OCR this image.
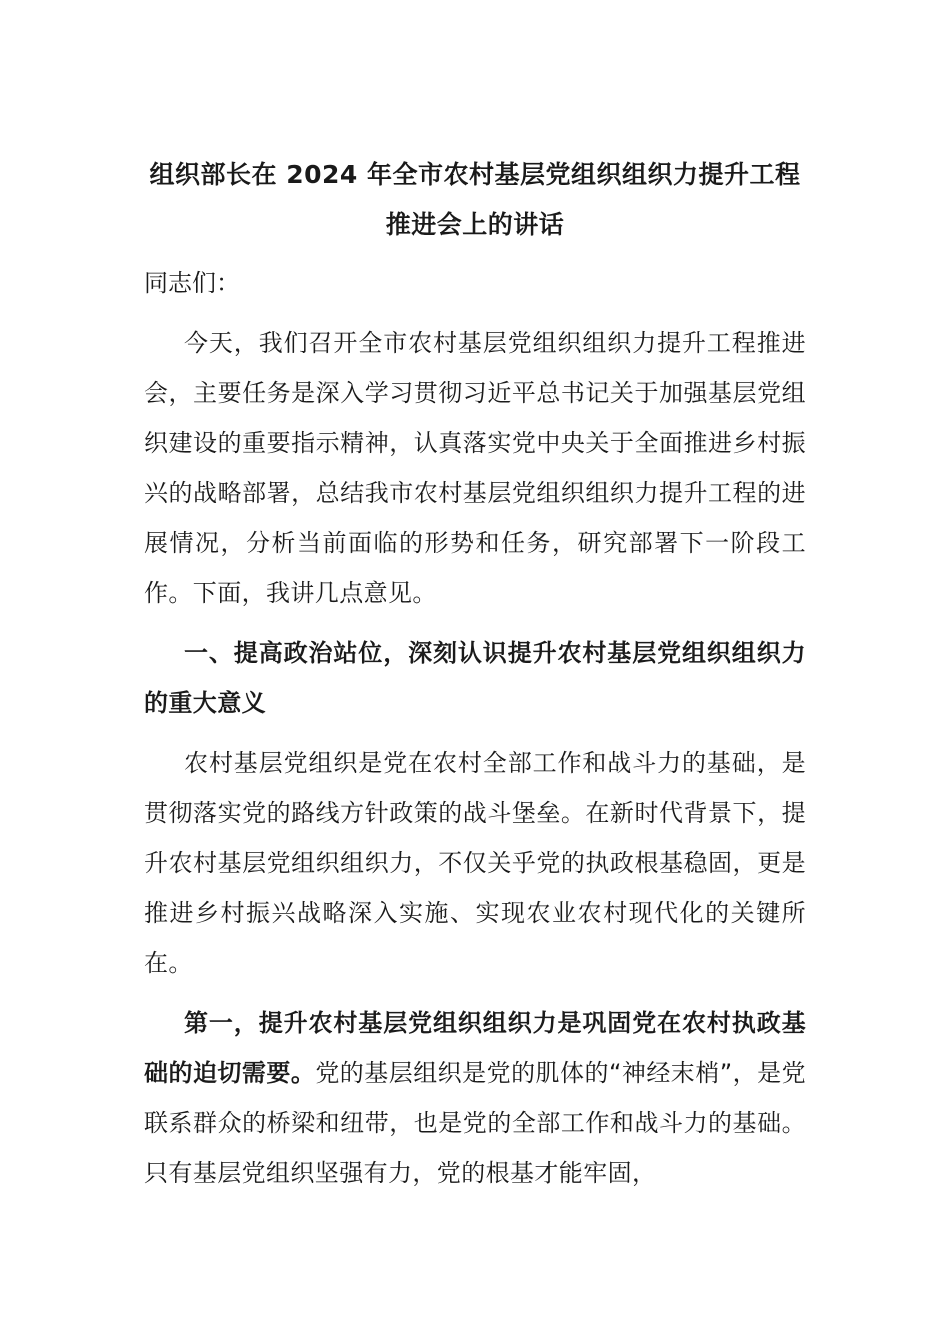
组织部长在 2024 年全市农村基层党组织组织力提升工程
推进会上的讲话

同志们：

今天，我们召开全市农村基层党组织组织力提升工程推进会，主要任务是深入学习贯彻习近平总书记关于加强基层党组织建设的重要指示精神，认真落实党中央关于全面推进乡村振兴的战略部署，总结我市农村基层党组织组织力提升工程的进展情况，分析当前面临的形势和任务，研究部署下一阶段工作。下面，我讲几点意见。

一、提高政治站位，深刻认识提升农村基层党组织组织力的重大意义

农村基层党组织是党在农村全部工作和战斗力的基础，是贯彻落实党的路线方针政策的战斗堡垒。在新时代背景下，提升农村基层党组织组织力，不仅关乎党的执政根基稳固，更是推进乡村振兴战略深入实施、实现农业农村现代化的关键所在。

第一，提升农村基层党组织组织力是巩固党在农村执政基础的迫切需要。党的基层组织是党的肌体的“神经末梢”，是党联系群众的桥梁和纽带，也是党的全部工作和战斗力的基础。只有基层党组织坚强有力，党的根基才能牢固，
